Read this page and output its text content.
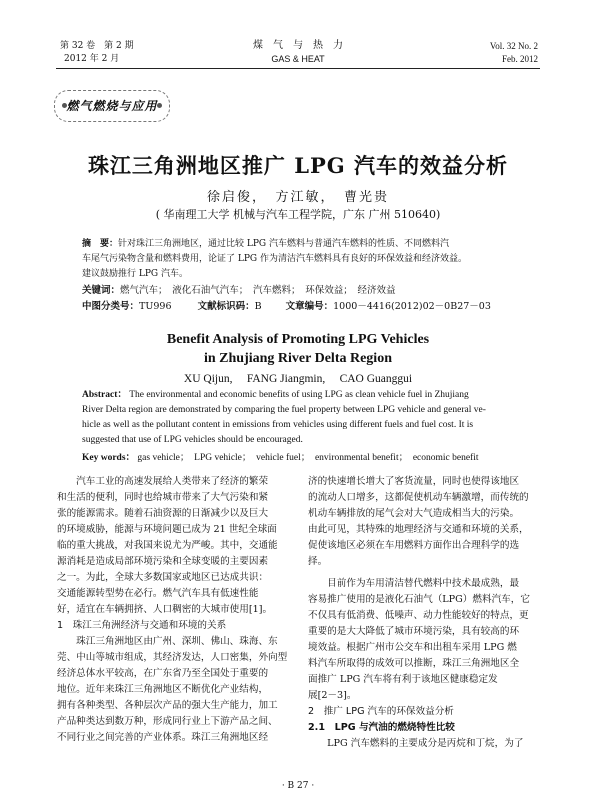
第 32 卷　第 2 期
2012 年 2 月
煤　气　与　热　力
GAS & HEAT
Vol. 32 No. 2
Feb. 2012
燃气燃烧与应用
珠江三角洲地区推广 LPG 汽车的效益分析
徐启俊，　方江敏，　曹光贵
( 华南理工大学 机械与汽车工程学院，广东 广州 510640)
摘　要：针对珠江三角洲地区，通过比较 LPG 汽车燃料与普通汽车燃料的性质、不同燃料汽
车尾气污染物含量和燃料费用，论证了 LPG 作为清洁汽车燃料具有良好的环保效益和经济效益。
建议鼓励推行 LPG 汽车。
关键词：燃气汽车；　液化石油气汽车；　汽车燃料；　环保效益；　经济效益
中图分类号：TU996	文献标识码：B	文章编号：1000－4416(2012)02－0B27－03
Benefit Analysis of Promoting LPG Vehicles
in Zhujiang River Delta Region
XU Qijun,　 FANG Jiangmin,　 CAO Guanggui
Abstract： The environmental and economic benefits of using LPG as clean vehicle fuel in Zhujiang
River Delta region are demonstrated by comparing the fuel property between LPG vehicle and general ve-
hicle as well as the pollutant content in emissions from vehicles using different fuels and fuel cost. It is
suggested that use of LPG vehicles should be encouraged.
Key words： gas vehicle；　LPG vehicle；　vehicle fuel；　environmental benefit；　economic benefit
　　汽车工业的高速发展给人类带来了经济的繁荣
和生活的便利，同时也给城市带来了大气污染和紧
张的能源需求。随着石油资源的日渐减少以及巨大
的环境威胁，能源与环境问题已成为 21 世纪全球面
临的重大挑战，对我国来说尤为严峻。其中，交通能
源消耗是造成局部环境污染和全球变暖的主要因素
之一。为此，全球大多数国家或地区已达成共识：
交通能源转型势在必行。燃气汽车具有低速性能
好，适宜在车辆拥挤、人口稠密的大城市使用[1]。
1　珠江三角洲经济与交通和环境的关系
　　珠江三角洲地区由广州、深圳、佛山、珠海、东
莞、中山等城市组成，其经济发达，人口密集，外向型
经济总体水平较高，在广东省乃至全国处于重要的
地位。近年来珠江三角洲地区不断优化产业结构，
拥有各种类型、各种层次产品的强大生产能力，加工
产品种类达到数万种，形成同行业上下游产品之间、
不同行业之间完善的产业体系。珠江三角洲地区经
济的快速增长增大了客货流量，同时也使得该地区
的流动人口增多，这都促使机动车辆激增，而传统的
机动车辆排放的尾气会对大气造成相当大的污染。
由此可见，其特殊的地理经济与交通和环境的关系，
促使该地区必须在车用燃料方面作出合理科学的选
择。
　　目前作为车用清洁替代燃料中技术最成熟，最
容易推广使用的是液化石油气（LPG）燃料汽车，它
不仅具有低消费、低噪声、动力性能较好的特点，更
重要的是大大降低了城市环境污染，具有较高的环
境效益。根据广州市公交车和出租车采用 LPG 燃
料汽车所取得的成效可以推断，珠江三角洲地区全
面推广 LPG 汽车将有利于该地区健康稳定发
展[2－3]。
2　推广 LPG 汽车的环保效益分析
2.1　LPG 与汽油的燃烧特性比较
　　LPG 汽车燃料的主要成分是丙烷和丁烷，为了
· B 27 ·
